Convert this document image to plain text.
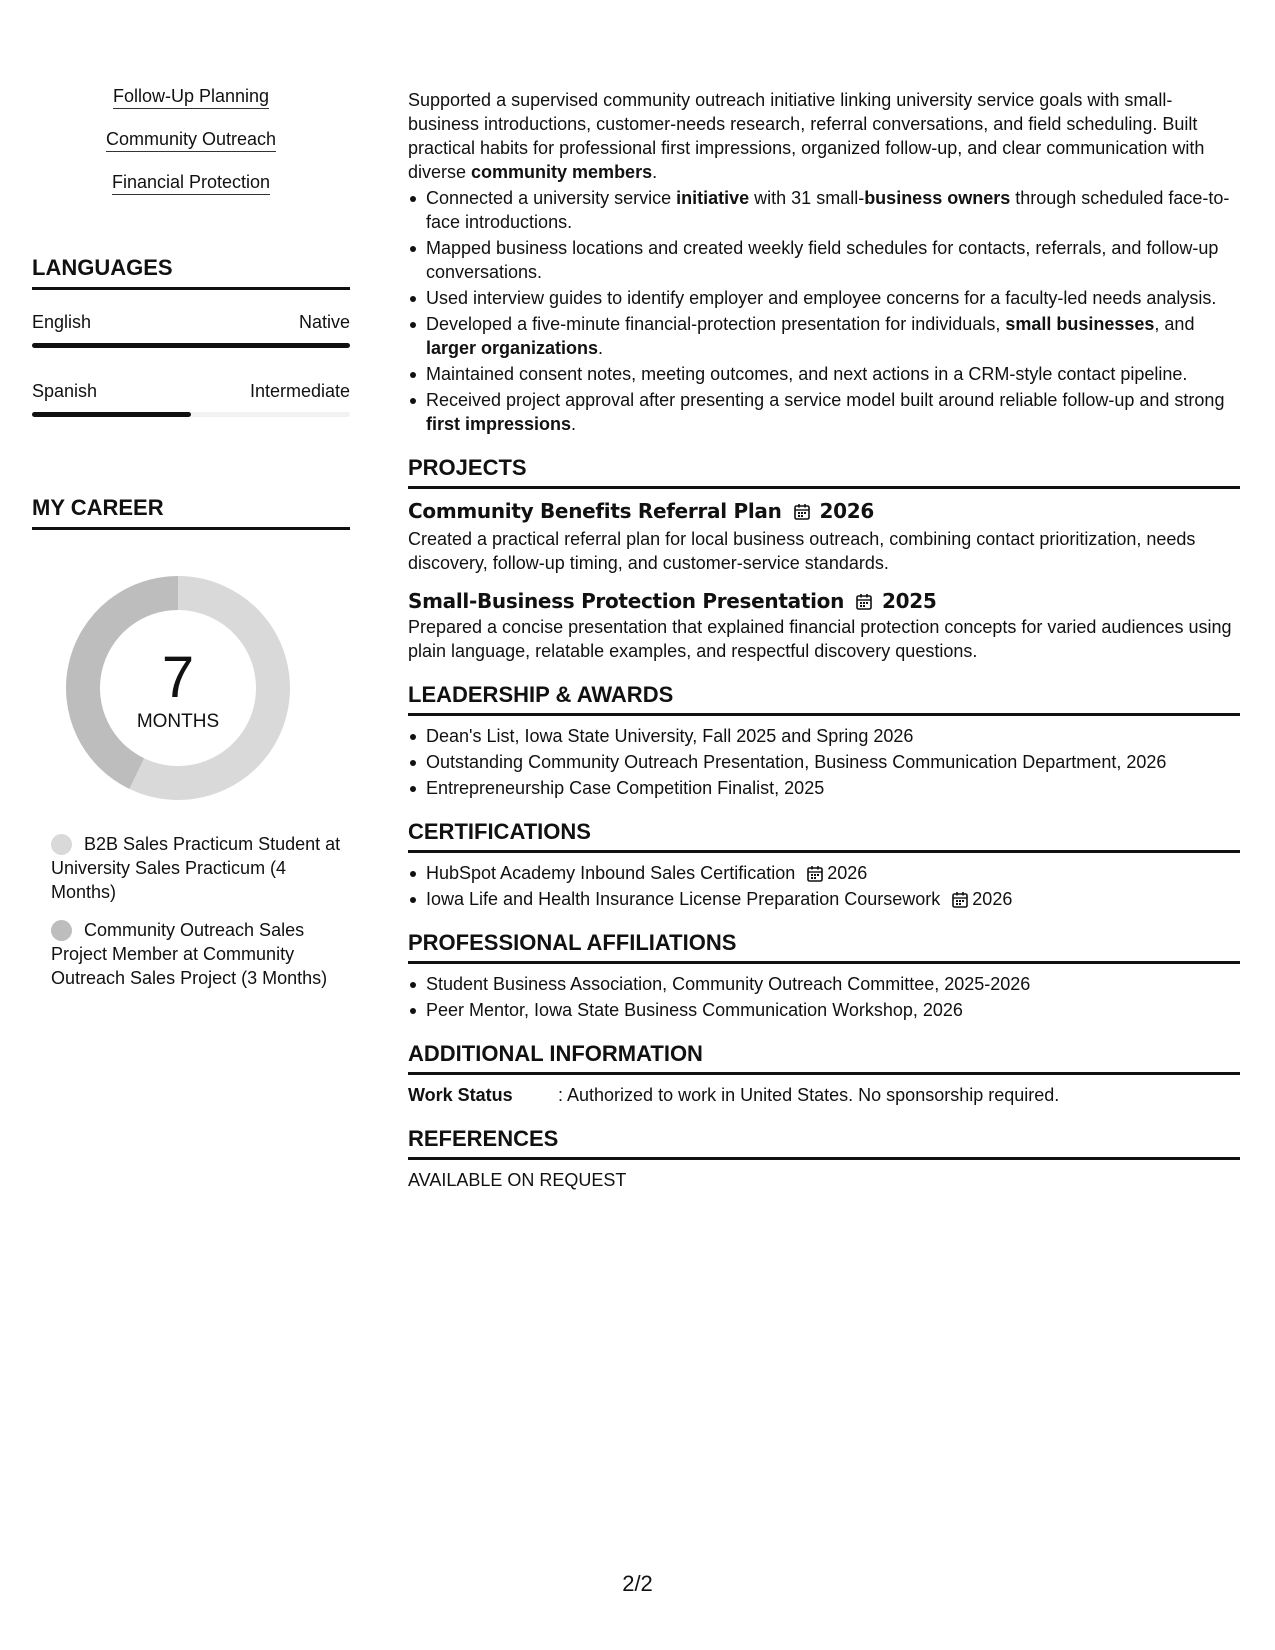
Follow-Up Planning
Community Outreach
Financial Protection
LANGUAGES
English	Native
Spanish	Intermediate
MY CAREER
7
MONTHS
B2B Sales Practicum Student at University Sales Practicum (4 Months)
Community Outreach Sales Project Member at Community Outreach Sales Project (3 Months)

Supported a supervised community outreach initiative linking university service goals with small-business introductions, customer-needs research, referral conversations, and field scheduling. Built practical habits for professional first impressions, organized follow-up, and clear communication with diverse community members.

Connected a university service initiative with 31 small-business owners through scheduled face-to-face introductions.
Mapped business locations and created weekly field schedules for contacts, referrals, and follow-up conversations.
Used interview guides to identify employer and employee concerns for a faculty-led needs analysis.
Developed a five-minute financial-protection presentation for individuals, small businesses, and larger organizations.
Maintained consent notes, meeting outcomes, and next actions in a CRM-style contact pipeline.
Received project approval after presenting a service model built around reliable follow-up and strong first impressions.
PROJECTS
Community Benefits Referral Plan 2026

Created a practical referral plan for local business outreach, combining contact prioritization, needs discovery, follow-up timing, and customer-service standards.

Small-Business Protection Presentation 2025

Prepared a concise presentation that explained financial protection concepts for varied audiences using plain language, relatable examples, and respectful discovery questions.

LEADERSHIP & AWARDS
Dean's List, Iowa State University, Fall 2025 and Spring 2026
Outstanding Community Outreach Presentation, Business Communication Department, 2026
Entrepreneurship Case Competition Finalist, 2025
CERTIFICATIONS
HubSpot Academy Inbound Sales Certification 2026
Iowa Life and Health Insurance License Preparation Coursework 2026
PROFESSIONAL AFFILIATIONS
Student Business Association, Community Outreach Committee, 2025-2026
Peer Mentor, Iowa State Business Communication Workshop, 2026
ADDITIONAL INFORMATION
Work Status	: Authorized to work in United States. No sponsorship required.
REFERENCES
AVAILABLE ON REQUEST
2/2
